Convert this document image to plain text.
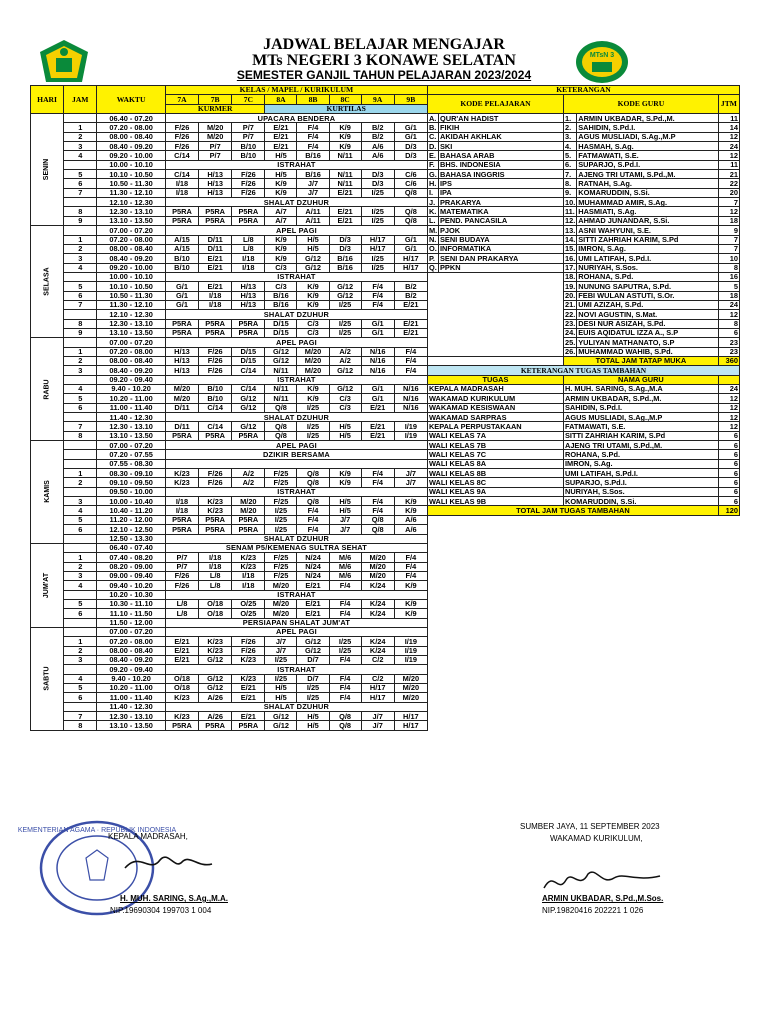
MTsN 3
JADWAL BELAJAR MENGAJAR
MTs NEGERI 3 KONAWE SELATAN
SEMESTER GANJIL TAHUN PELAJARAN 2023/2024
HARI	JAM	WAKTU	KELAS / MAPEL / KURIKULUM								KETERANGAN				
			7A	7B	7C	8A	8B	8C	9A	9B	KODE PELAJARAN		KODE GURU		JTM
			KURMER			KURTILAS									
SENIN		06.40 - 07.20	UPACARA BENDERA								A.	QUR'AN HADIST	1.	ARMIN UKBADAR, S.Pd.,M.	11
	1	07.20 - 08.00	F/26	M/20	P/7	E/21	F/4	K/9	B/2	G/1	B.	FIKIH	2.	SAHIDIN, S.Pd.I.	14
	2	08.00 - 08.40	F/26	M/20	P/7	E/21	F/4	K/9	B/2	G/1	C.	AKIDAH AKHLAK	3.	AGUS MUSLIADI, S.Ag.,M.P	12
	3	08.40 - 09.20	F/26	P/7	B/10	E/21	F/4	K/9	A/6	D/3	D.	SKI	4.	HASMAH, S.Ag.	24
	4	09.20 - 10.00	C/14	P/7	B/10	H/5	B/16	N/11	A/6	D/3	E.	BAHASA ARAB	5.	FATMAWATI, S.E.	12
		10.00 - 10.10	ISTRAHAT								F.	BHS. INDONESIA	6.	SUPARJO, S.Pd.I.	11
	5	10.10 - 10.50	C/14	H/13	F/26	H/5	B/16	N/11	D/3	C/6	G.	BAHASA INGGRIS	7.	AJENG TRI UTAMI, S.Pd.,M.	21
	6	10.50 - 11.30	I/18	H/13	F/26	K/9	J/7	N/11	D/3	C/6	H.	IPS	8.	RATNAH, S.Ag.	22
	7	11.30 - 12.10	I/18	H/13	F/26	K/9	J/7	E/21	I/25	Q/8	I.	IPA	9.	KOMARUDDIN, S.Si.	20
		12.10 - 12.30	SHALAT DZUHUR								J.	PRAKARYA	10.	MUHAMMAD AMIR, S.Ag.	7
	8	12.30 - 13.10	P5RA	P5RA	P5RA	A/7	A/11	E/21	I/25	Q/8	K.	MATEMATIKA	11.	HASMIATI, S.Ag.	12
	9	13.10 - 13.50	P5RA	P5RA	P5RA	A/7	A/11	E/21	I/25	Q/8	L.	PEND. PANCASILA	12.	AHMAD JUNANDAR, S.Si.	18
SELASA		07.00 - 07.20	APEL PAGI								M.	PJOK	13.	ASNI WAHYUNI, S.E.	9
	1	07.20 - 08.00	A/15	D/11	L/8	K/9	H/5	D/3	H/17	G/1	N.	SENI BUDAYA	14.	SITTI ZAHRIAH KARIM, S.Pd	7
	2	08.00 - 08.40	A/15	D/11	L/8	K/9	H/5	D/3	H/17	G/1	O.	INFORMATIKA	15.	IMRON, S.Ag.	7
	3	08.40 - 09.20	B/10	E/21	I/18	K/9	G/12	B/16	I/25	H/17	P.	SENI DAN PRAKARYA	16.	UMI LATIFAH, S.Pd.I.	10
	4	09.20 - 10.00	B/10	E/21	I/18	C/3	G/12	B/16	I/25	H/17	Q.	PPKN	17.	NURIYAH, S.Sos.	8
		10.00 - 10.10	ISTRAHAT										18.	ROHANA, S.Pd.	16
	5	10.10 - 10.50	G/1	E/21	H/13	C/3	K/9	G/12	F/4	B/2			19.	NUNUNG SAPUTRA, S.Pd.	5
	6	10.50 - 11.30	G/1	I/18	H/13	B/16	K/9	G/12	F/4	B/2			20.	FEBI WULAN ASTUTI, S.Or.	18
	7	11.30 - 12.10	G/1	I/18	H/13	B/16	K/9	I/25	F/4	E/21			21.	UMI AZIZAH, S.Pd.	24
		12.10 - 12.30	SHALAT DZUHUR										22.	NOVI AGUSTIN, S.Mat.	12
	8	12.30 - 13.10	P5RA	P5RA	P5RA	D/15	C/3	I/25	G/1	E/21			23.	DESI NUR ASIZAH, S.Pd.	8
	9	13.10 - 13.50	P5RA	P5RA	P5RA	D/15	C/3	I/25	G/1	E/21			24.	EUIS AQIDATUL IZZA A., S.P	6
RABU		07.00 - 07.20	APEL PAGI										25.	YULIYAN MATHANATO, S.P	23
	1	07.20 - 08.00	H/13	F/26	D/15	G/12	M/20	A/2	N/16	F/4			26.	MUHAMMAD WAHIB, S.Pd.	23
	2	08.00 - 08.40	H/13	F/26	D/15	G/12	M/20	A/2	N/16	F/4			TOTAL JAM TATAP MUKA		360
	3	08.40 - 09.20	H/13	F/26	C/14	N/11	M/20	G/12	N/16	F/4	KETERANGAN TUGAS TAMBAHAN				
		09.20 - 09.40	ISTRAHAT								TUGAS		NAMA GURU		
	4	9.40 - 10.20	M/20	B/10	C/14	N/11	K/9	G/12	G/1	N/16	KEPALA MADRASAH		H. MUH. SARING, S.Ag.,M.A		24
	5	10.20 - 11.00	M/20	B/10	G/12	N/11	K/9	C/3	G/1	N/16	WAKAMAD KURIKULUM		ARMIN UKBADAR, S.Pd.,M.		12
	6	11.00 - 11.40	D/11	C/14	G/12	Q/8	I/25	C/3	E/21	N/16	WAKAMAD KESISWAAN		SAHIDIN, S.Pd.I.		12
		11.40 - 12.30	SHALAT DZUHUR								WAKAMAD SARPRAS		AGUS MUSLIADI, S.Ag.,M.P		12
	7	12.30 - 13.10	D/11	C/14	G/12	Q/8	I/25	H/5	E/21	I/19	KEPALA PERPUSTAKAAN		FATMAWATI, S.E.		12
	8	13.10 - 13.50	P5RA	P5RA	P5RA	Q/8	I/25	H/5	E/21	I/19	WALI KELAS 7A		SITTI ZAHRIAH KARIM, S.Pd		6
KAMIS		07.00 - 07.20	APEL PAGI								WALI KELAS 7B		AJENG TRI UTAMI, S.Pd.,M.		6
		07.20 - 07.55	DZIKIR BERSAMA								WALI KELAS 7C		ROHANA, S.Pd.		6
		07.55 - 08.30									WALI KELAS 8A		IMRON, S.Ag.		6
	1	08.30 - 09.10	K/23	F/26	A/2	F/25	Q/8	K/9	F/4	J/7	WALI KELAS 8B		UMI LATIFAH, S.Pd.I.		6
	2	09.10 - 09.50	K/23	F/26	A/2	F/25	Q/8	K/9	F/4	J/7	WALI KELAS 8C		SUPARJO, S.Pd.I.		6
		09.50 - 10.00	ISTRAHAT								WALI KELAS 9A		NURIYAH, S.Sos.		6
	3	10.00 - 10.40	I/18	K/23	M/20	F/25	Q/8	H/5	F/4	K/9	WALI KELAS 9B		KOMARUDDIN, S.Si.		6
	4	10.40 - 11.20	I/18	K/23	M/20	I/25	F/4	H/5	F/4	K/9	TOTAL JAM TUGAS TAMBAHAN				120
	5	11.20 - 12.00	P5RA	P5RA	P5RA	I/25	F/4	J/7	Q/8	A/6					
	6	12.10 - 12.50	P5RA	P5RA	P5RA	I/25	F/4	J/7	Q/8	A/6					
		12.50 - 13.30	SHALAT DZUHUR												
JUM'AT		06.40 - 07.40	SENAM P5/KEMENAG SULTRA SEHAT												
	1	07.40 - 08.20	P/7	I/18	K/23	F/25	N/24	M/6	M/20	F/4					
	2	08.20 - 09.00	P/7	I/18	K/23	F/25	N/24	M/6	M/20	F/4					
	3	09.00 - 09.40	F/26	L/8	I/18	F/25	N/24	M/6	M/20	F/4					
	4	09.40 - 10.20	F/26	L/8	I/18	M/20	E/21	F/4	K/24	K/9					
		10.20 - 10.30	ISTRAHAT												
	5	10.30 - 11.10	L/8	O/18	O/25	M/20	E/21	F/4	K/24	K/9					
	6	11.10 - 11.50	L/8	O/18	O/25	M/20	E/21	F/4	K/24	K/9					
		11.50 - 12.00	PERSIAPAN SHALAT JUM'AT												
SABTU		07.00 - 07.20	APEL PAGI												
	1	07.20 - 08.00	E/21	K/23	F/26	J/7	G/12	I/25	K/24	I/19					
	2	08.00 - 08.40	E/21	K/23	F/26	J/7	G/12	I/25	K/24	I/19					
	3	08.40 - 09.20	E/21	G/12	K/23	I/25	D/7	F/4	C/2	I/19					
		09.20 - 09.40	ISTRAHAT												
	4	9.40 - 10.20	O/18	G/12	K/23	I/25	D/7	F/4	C/2	M/20					
	5	10.20 - 11.00	O/18	G/12	E/21	H/5	I/25	F/4	H/17	M/20					
	6	11.00 - 11.40	K/23	A/26	E/21	H/5	I/25	F/4	H/17	M/20					
		11.40 - 12.30	SHALAT DZUHUR												
	7	12.30 - 13.10	K/23	A/26	E/21	G/12	H/5	Q/8	J/7	H/17					
	8	13.10 - 13.50	P5RA	P5RA	P5RA	G/12	H/5	Q/8	J/7	H/17					
KEMENTERIAN AGAMA · REPUBLIK INDONESIA
KEPALA MADRASAH,
H. MUH. SARING, S.Ag.,M.A.
NIP.19690304 199703 1 004
SUMBER JAYA, 11 SEPTEMBER 2023
WAKAMAD KURIKULUM,
ARMIN UKBADAR, S.Pd.,M.Sos.
NIP.19820416 202221 1 026
